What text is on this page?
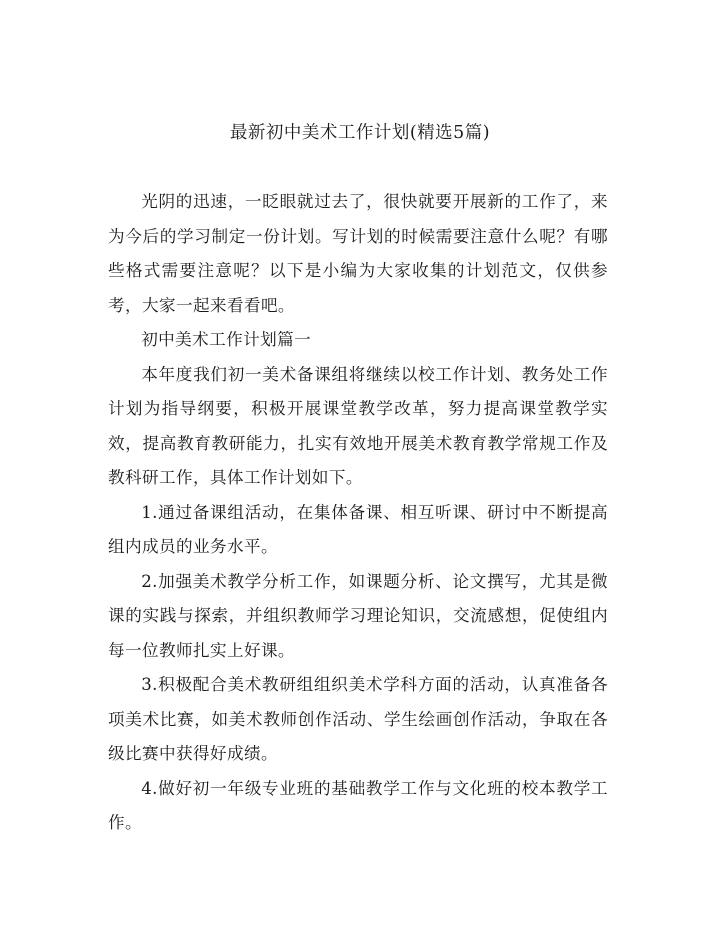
最新初中美术工作计划(精选5篇)

光阴的迅速，一眨眼就过去了，很快就要开展新的工作了，来为今后的学习制定一份计划。写计划的时候需要注意什么呢？有哪些格式需要注意呢？以下是小编为大家收集的计划范文，仅供参考，大家一起来看看吧。

初中美术工作计划篇一

本年度我们初一美术备课组将继续以校工作计划、教务处工作计划为指导纲要，积极开展课堂教学改革，努力提高课堂教学实效，提高教育教研能力，扎实有效地开展美术教育教学常规工作及教科研工作，具体工作计划如下。

1.通过备课组活动，在集体备课、相互听课、研讨中不断提高组内成员的业务水平。

2.加强美术教学分析工作，如课题分析、论文撰写，尤其是微课的实践与探索，并组织教师学习理论知识，交流感想，促使组内每一位教师扎实上好课。

3.积极配合美术教研组组织美术学科方面的活动，认真准备各项美术比赛，如美术教师创作活动、学生绘画创作活动，争取在各级比赛中获得好成绩。

4.做好初一年级专业班的基础教学工作与文化班的校本教学工作。
